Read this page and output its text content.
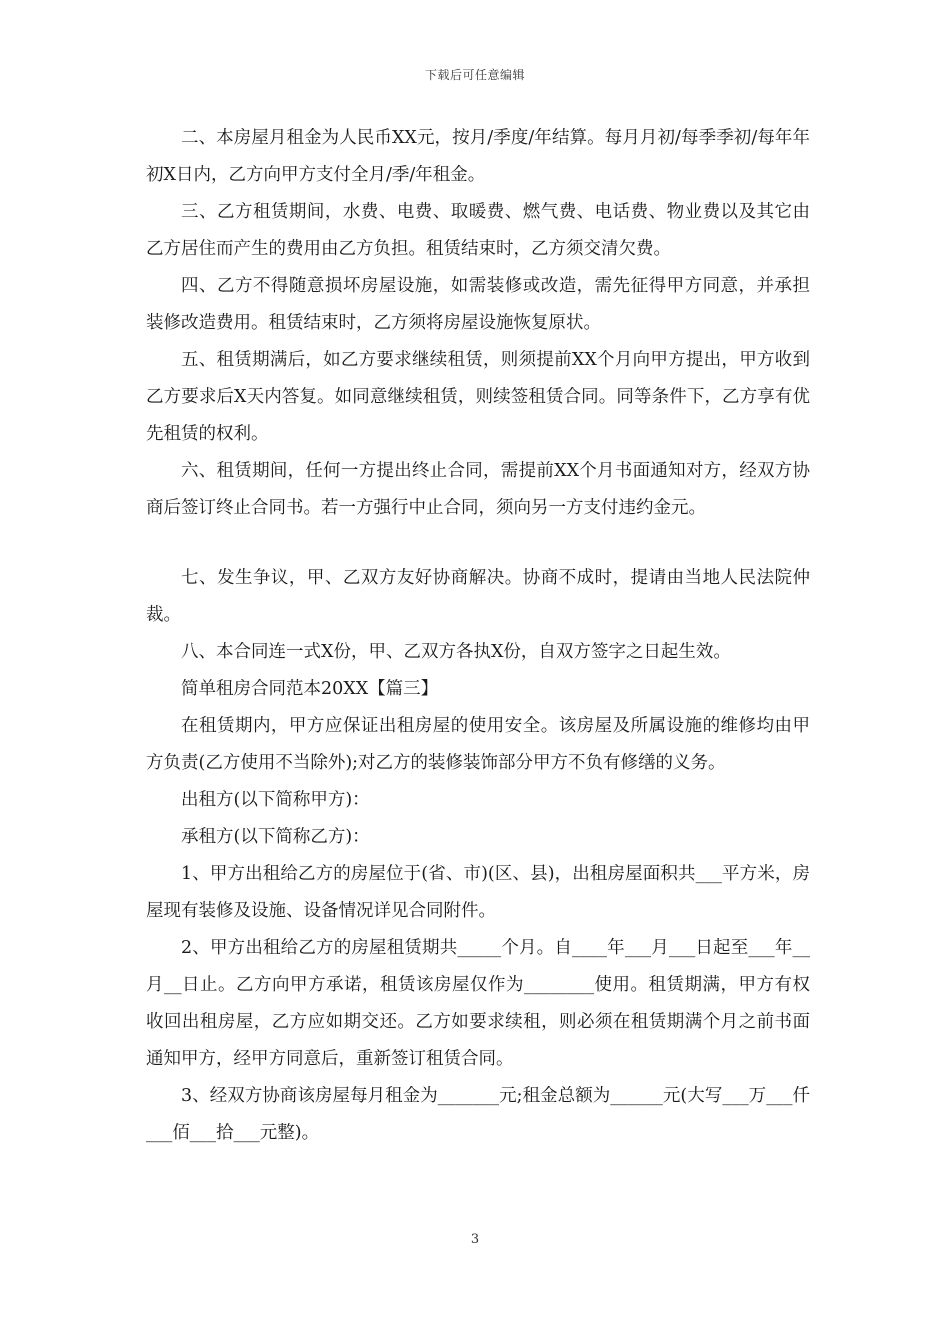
下载后可任意编辑

二、本房屋月租金为人民币XX元，按月/季度/年结算。每月月初/每季季初/每年年初X日内，乙方向甲方支付全月/季/年租金。

三、乙方租赁期间，水费、电费、取暖费、燃气费、电话费、物业费以及其它由乙方居住而产生的费用由乙方负担。租赁结束时，乙方须交清欠费。

四、乙方不得随意损坏房屋设施，如需装修或改造，需先征得甲方同意，并承担装修改造费用。租赁结束时，乙方须将房屋设施恢复原状。

五、租赁期满后，如乙方要求继续租赁，则须提前XX个月向甲方提出，甲方收到乙方要求后X天内答复。如同意继续租赁，则续签租赁合同。同等条件下，乙方享有优先租赁的权利。

六、租赁期间，任何一方提出终止合同，需提前XX个月书面通知对方，经双方协商后签订终止合同书。若一方强行中止合同，须向另一方支付违约金元。

七、发生争议，甲、乙双方友好协商解决。协商不成时，提请由当地人民法院仲裁。

八、本合同连一式X份，甲、乙双方各执X份，自双方签字之日起生效。

简单租房合同范本20XX【篇三】

在租赁期内，甲方应保证出租房屋的使用安全。该房屋及所属设施的维修均由甲方负责(乙方使用不当除外);对乙方的装修装饰部分甲方不负有修缮的义务。

出租方(以下简称甲方)：

承租方(以下简称乙方)：

1、甲方出租给乙方的房屋位于(省、市)(区、县)，出租房屋面积共___平方米，房屋现有装修及设施、设备情况详见合同附件。

2、甲方出租给乙方的房屋租赁期共_____个月。自____年___月___日起至___年__月__日止。乙方向甲方承诺，租赁该房屋仅作为________使用。租赁期满，甲方有权收回出租房屋，乙方应如期交还。乙方如要求续租，则必须在租赁期满个月之前书面通知甲方，经甲方同意后，重新签订租赁合同。

3、经双方协商该房屋每月租金为_______元;租金总额为______元(大写___万___仟___佰___拾___元整)。

3
